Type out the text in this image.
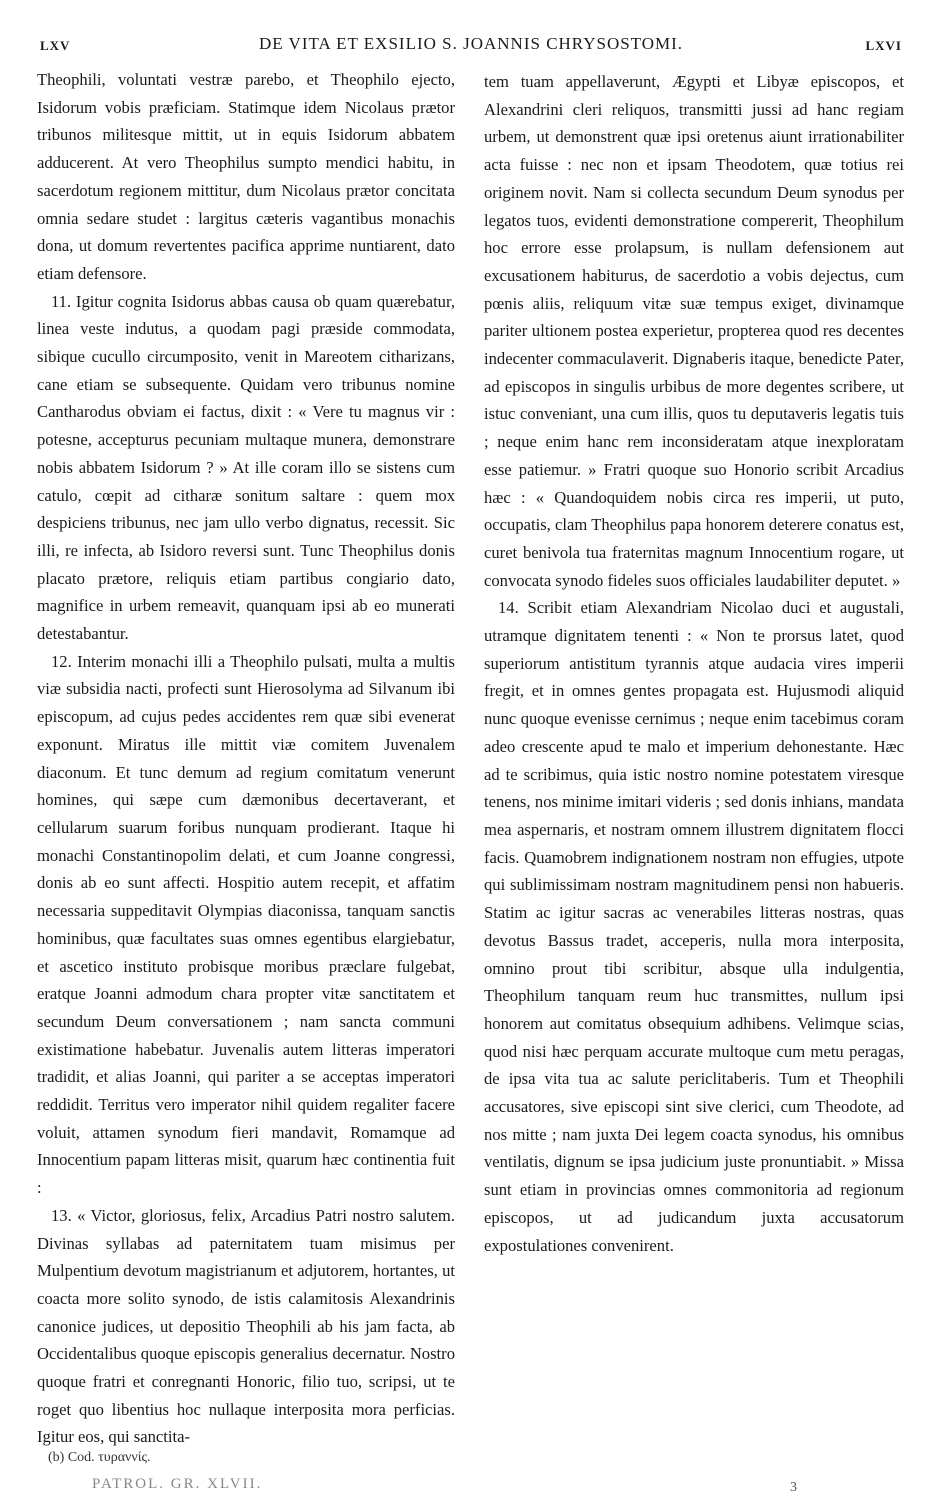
LXV	DE VITA ET EXSILIO S. JOANNIS CHRYSOSTOMI.	LXVI

Theophili, voluntati vestræ parebo, et Theophilo ejecto, Isidorum vobis præficiam. Statimque idem Nicolaus prætor tribunos militesque mittit, ut in equis Isidorum abbatem adducerent. At vero Theophilus sumpto mendici habitu, in sacerdotum regionem mittitur, dum Nicolaus prætor concitata omnia sedare studet : largitus cæteris vagantibus monachis dona, ut domum revertentes pacifica apprime nuntiarent, dato etiam defensore.

11. Igitur cognita Isidorus abbas causa ob quam quærebatur, linea veste indutus, a quodam pagi præside commodata, sibique cucullo circumposito, venit in Mareotem citharizans, cane etiam se subsequente. Quidam vero tribunus nomine Cantharodus obviam ei factus, dixit : « Vere tu magnus vir : potesne, accepturus pecuniam multaque munera, demonstrare nobis abbatem Isidorum ? » At ille coram illo se sistens cum catulo, cœpit ad citharæ sonitum saltare : quem mox despiciens tribunus, nec jam ullo verbo dignatus, recessit. Sic illi, re infecta, ab Isidoro reversi sunt. Tunc Theophilus donis placato prætore, reliquis etiam partibus congiario dato, magnifice in urbem remeavit, quanquam ipsi ab eo munerati detestabantur.

12. Interim monachi illi a Theophilo pulsati, multa a multis viæ subsidia nacti, profecti sunt Hierosolyma ad Silvanum ibi episcopum, ad cujus pedes accidentes rem quæ sibi evenerat exponunt. Miratus ille mittit viæ comitem Juvenalem diaconum. Et tunc demum ad regium comitatum venerunt homines, qui sæpe cum dæmonibus decertaverant, et cellularum suarum foribus nunquam prodierant. Itaque hi monachi Constantinopolim delati, et cum Joanne congressi, donis ab eo sunt affecti. Hospitio autem recepit, et affatim necessaria suppeditavit Olympias diaconissa, tanquam sanctis hominibus, quæ facultates suas omnes egentibus elargiebatur, et ascetico instituto probisque moribus præclare fulgebat, eratque Joanni admodum chara propter vitæ sanctitatem et secundum Deum conversationem ; nam sancta communi existimatione habebatur. Juvenalis autem litteras imperatori tradidit, et alias Joanni, qui pariter a se acceptas imperatori reddidit. Territus vero imperator nihil quidem regaliter facere voluit, attamen synodum fieri mandavit, Romamque ad Innocentium papam litteras misit, quarum hæc continentia fuit :

13. « Victor, gloriosus, felix, Arcadius Patri nostro salutem. Divinas syllabas ad paternitatem tuam misimus per Mulpentium devotum magistrianum et adjutorem, hortantes, ut coacta more solito synodo, de istis calamitosis Alexandrinis canonice judices, ut depositio Theophili ab his jam facta, ab Occidentalibus quoque episcopis generalius decernatur. Nostro quoque fratri et conregnanti Honoric, filio tuo, scripsi, ut te roget quo libentius hoc nullaque interposita mora perficias. Igitur eos, qui sanctita-

tem tuam appellaverunt, Ægypti et Libyæ episcopos, et Alexandrini cleri reliquos, transmitti jussi ad hanc regiam urbem, ut demonstrent quæ ipsi oretenus aiunt irrationabiliter acta fuisse : nec non et ipsam Theodotem, quæ totius rei originem novit. Nam si collecta secundum Deum synodus per legatos tuos, evidenti demonstratione compererit, Theophilum hoc errore esse prolapsum, is nullam defensionem aut excusationem habiturus, de sacerdotio a vobis dejectus, cum pœnis aliis, reliquum vitæ suæ tempus exiget, divinamque pariter ultionem postea experietur, propterea quod res decentes indecenter commaculaverit. Dignaberis itaque, benedicte Pater, ad episcopos in singulis urbibus de more degentes scribere, ut istuc conveniant, una cum illis, quos tu deputaveris legatis tuis ; neque enim hanc rem inconsideratam atque inexploratam esse patiemur. » Fratri quoque suo Honorio scribit Arcadius hæc : « Quandoquidem nobis circa res imperii, ut puto, occupatis, clam Theophilus papa honorem deterere conatus est, curet benivola tua fraternitas magnum Innocentium rogare, ut convocata synodo fideles suos officiales laudabiliter deputet. »

14. Scribit etiam Alexandriam Nicolao duci et augustali, utramque dignitatem tenenti : « Non te prorsus latet, quod superiorum antistitum tyrannis atque audacia vires imperii fregit, et in omnes gentes propagata est. Hujusmodi aliquid nunc quoque evenisse cernimus ; neque enim tacebimus coram adeo crescente apud te malo et imperium dehonestante. Hæc ad te scribimus, quia istic nostro nomine potestatem viresque tenens, nos minime imitari videris ; sed donis inhians, mandata mea aspernaris, et nostram omnem illustrem dignitatem flocci facis. Quamobrem indignationem nostram non effugies, utpote qui sublimissimam nostram magnitudinem pensi non habueris. Statim ac igitur sacras ac venerabiles litteras nostras, quas devotus Bassus tradet, acceperis, nulla mora interposita, omnino prout tibi scribitur, absque ulla indulgentia, Theophilum tanquam reum huc transmittes, nullum ipsi honorem aut comitatus obsequium adhibens. Velimque scias, quod nisi hæc perquam accurate multoque cum metu peragas, de ipsa vita tua ac salute periclitaberis. Tum et Theophili accusatores, sive episcopi sint sive clerici, cum Theodote, ad nos mitte ; nam juxta Dei legem coacta synodus, his omnibus ventilatis, dignum se ipsa judicium juste pronuntiabit. » Missa sunt etiam in provincias omnes commonitoria ad regionum episcopos, ut ad judicandum juxta accusatorum expostulationes convenirent.

(b) Cod. τυραννίς.
PATROL. GR. XLVII.	3
